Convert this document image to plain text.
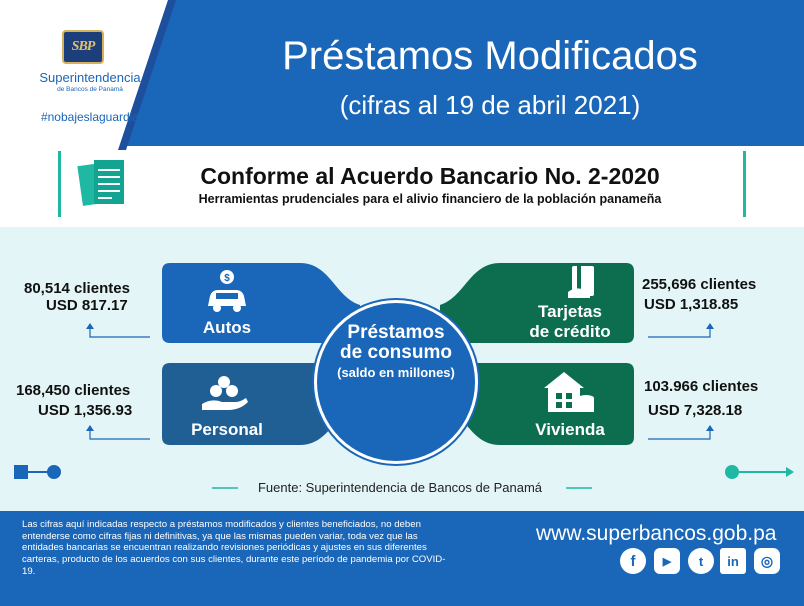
SBP
Superintendencia
de Bancos de Panamá
#nobajeslaguardia
Préstamos Modificados
(cifras al 19 de abril 2021)
Conforme al Acuerdo Bancario No. 2-2020
Herramientas prudenciales para el alivio financiero de la población panameña
$
Autos
Personal
Tarjetas
de crédito
Vivienda
Préstamos
de consumo
(saldo en millones)
80,514 clientes
USD 817.17
168,450 clientes
USD 1,356.93
255,696 clientes
USD 1,318.85
103.966 clientes
USD 7,328.18
Fuente: Superintendencia de Bancos de Panamá
Las cifras aquí indicadas respecto a préstamos modificados y clientes beneficiados, no deben entenderse como cifras fijas ni definitivas, ya que las mismas pueden variar, toda vez que las entidades bancarias se encuentran realizando revisiones periódicas y ajustes en sus diferentes carteras, producto de los acuerdos con sus clientes, durante este período de pandemia por COVID-19.
www.superbancos.gob.pa
f	▶	t	in	◎
